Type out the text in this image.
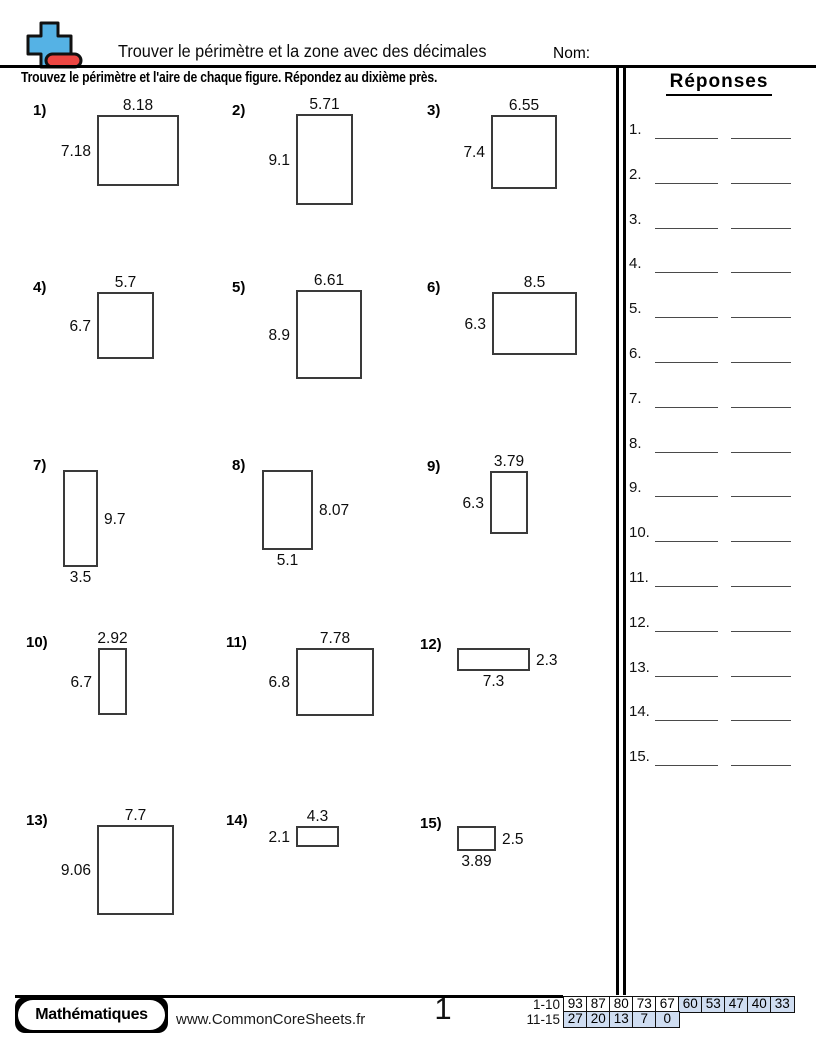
Trouver le périmètre et la zone avec des décimales	Nom:
Trouvez le périmètre et l'aire de chaque figure. Répondez au dixième près.
1)	8.18
7.18
2)	5.71
9.1
3)	6.55
7.4
4)	5.7
6.7
5)	6.61
8.9
6)	8.5
6.3
7)
3.5
9.7
8)
5.1
8.07
9)	3.79
6.3
10)	2.92
6.7
11)	7.78
6.8
12)
7.3
2.3
13)	7.7
9.06
14)	4.3
2.1
15)
3.89
2.5
Réponses
1.
2.
3.
4.
5.
6.
7.
8.
9.
10.
11.
12.
13.
14.
15.
Mathématiques www.CommonCoreSheets.fr	1	1-10 93 87 80 73 67 60 53 47 40 33
11-15 27 20 13 7	0
